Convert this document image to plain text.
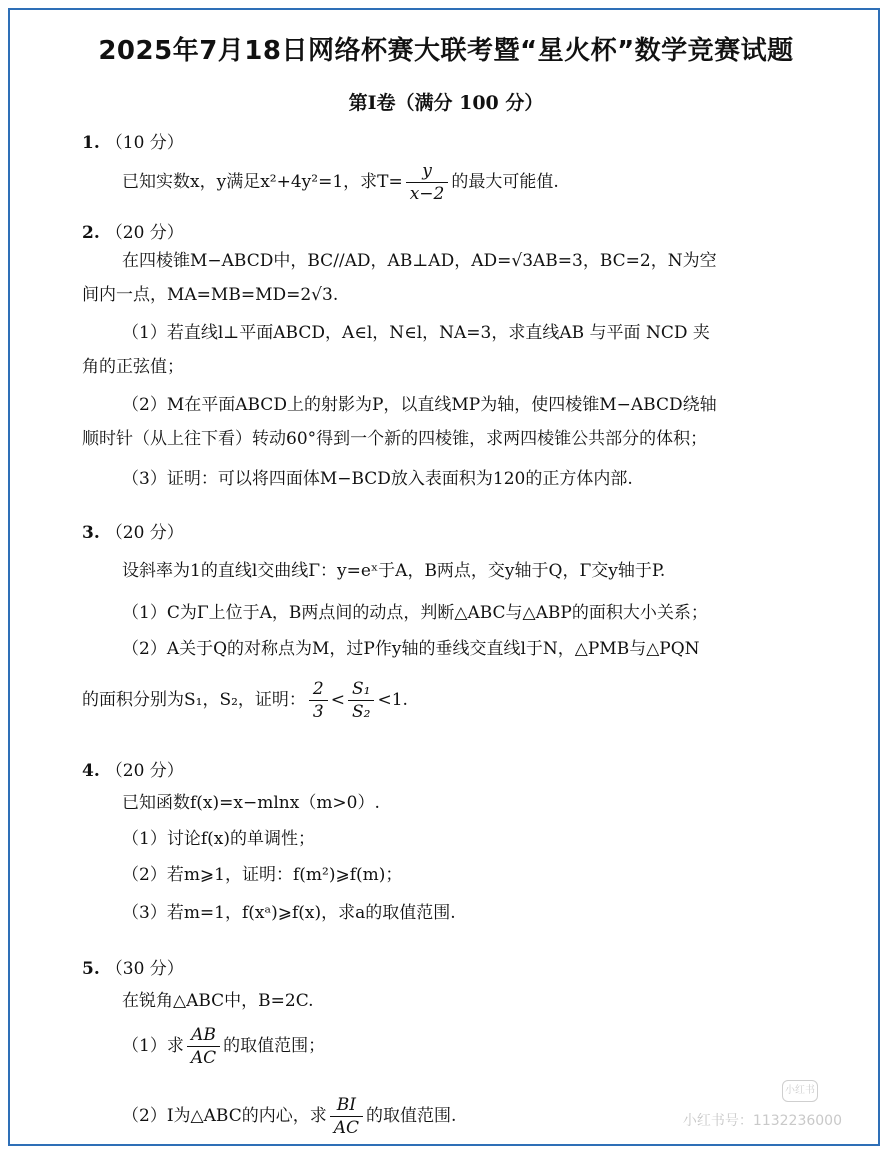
2025年7月18日网络杯赛大联考暨“星火杯”数学竞赛试题
第Ⅰ卷（满分 100 分）
1. （10 分）
已知实数x，y满足x²+4y²=1，求$T= \frac{y}{x-2}$ 的最大可能值.
2. （20 分）
在四棱锥M−ABCD中，BC//AD，AB⊥AD，AD=√3AB=3，BC=2，N为空
间内一点，MA=MB=MD=2√3.
（1）若直线l⊥平面ABCD，A∈l，N∈l，NA=3，求直线AB 与平面 NCD 夹
角的正弦值；
（2）M在平面ABCD上的射影为P，以直线MP为轴，使四棱锥M−ABCD绕轴
顺时针（从上往下看）转动60°得到一个新的四棱锥，求两四棱锥公共部分的体积；
（3）证明：可以将四面体M−BCD放入表面积为120的正方体内部.
3. （20 分）
设斜率为1的直线l交曲线Γ：y=eˣ于A，B两点，交y轴于Q，Γ交y轴于P.
（1）C为Γ上位于A，B两点间的动点，判断△ABC与△ABP的面积大小关系；
（2）A关于Q的对称点为M，过P作y轴的垂线交直线l于N，△PMB与△PQN
的面积分别为S₁，S₂，证明： $\frac{2}{3} < \frac{\text{S₁}}{\text{S₂}} <1$.
4. （20 分）
已知函数f(x)=x−mlnx（m>0）.
（1）讨论f(x)的单调性；
（2）若m⩾1，证明：f(m²)⩾f(m)；
（3）若m=1，f(xᵃ)⩾f(x)，求a的取值范围.
5. （30 分）
在锐角△ABC中，B=2C.
（1）求 $\frac{AB}{AC}$ 的取值范围；
（2）I为△ABC的内心，求 $\frac{BI}{AC}$ 的取值范围.
小红书
小红书号：1132236000
